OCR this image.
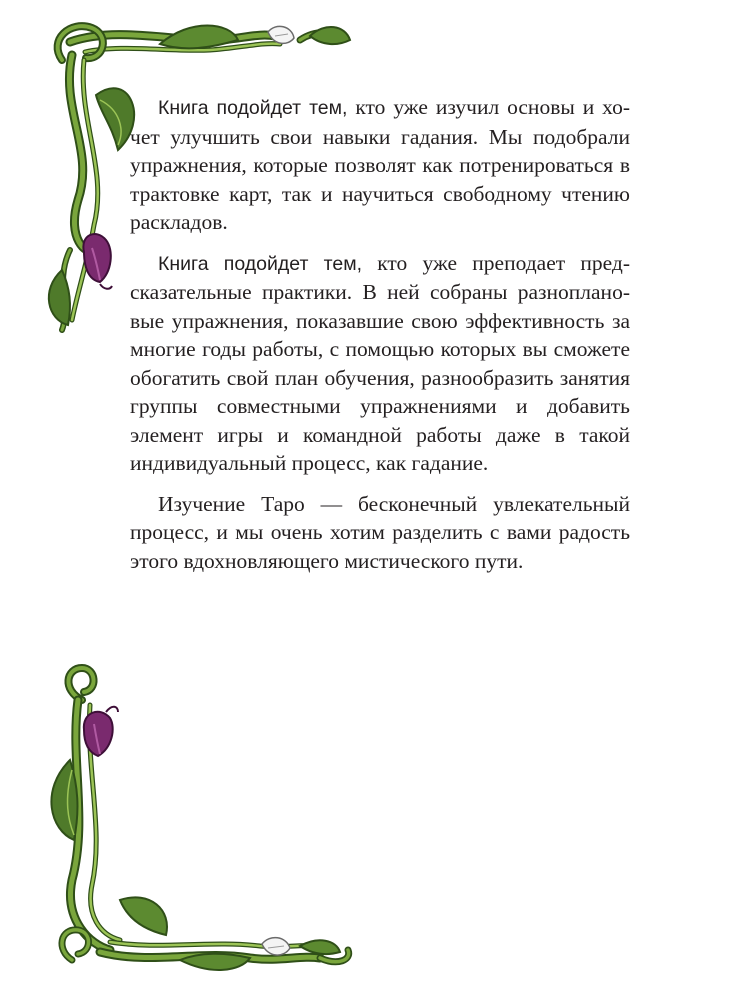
Книга подойдет тем, кто уже изучил основы и хочет улучшить свои навыки гадания. Мы подобрали упражнения, которые позволят как потренироваться в трактовке карт, так и научиться свободному чтению раскладов.

Книга подойдет тем, кто уже преподает предсказательные практики. В ней собраны разноплановые упражнения, показавшие свою эффективность за многие годы работы, с помощью которых вы сможете обогатить свой план обучения, разнообразить занятия группы совместными упражнениями и добавить элемент игры и командной работы даже в такой индивидуальный процесс, как гадание.

Изучение Таро — бесконечный увлекательный процесс, и мы очень хотим разделить с вами радость этого вдохновляющего мистического пути.
